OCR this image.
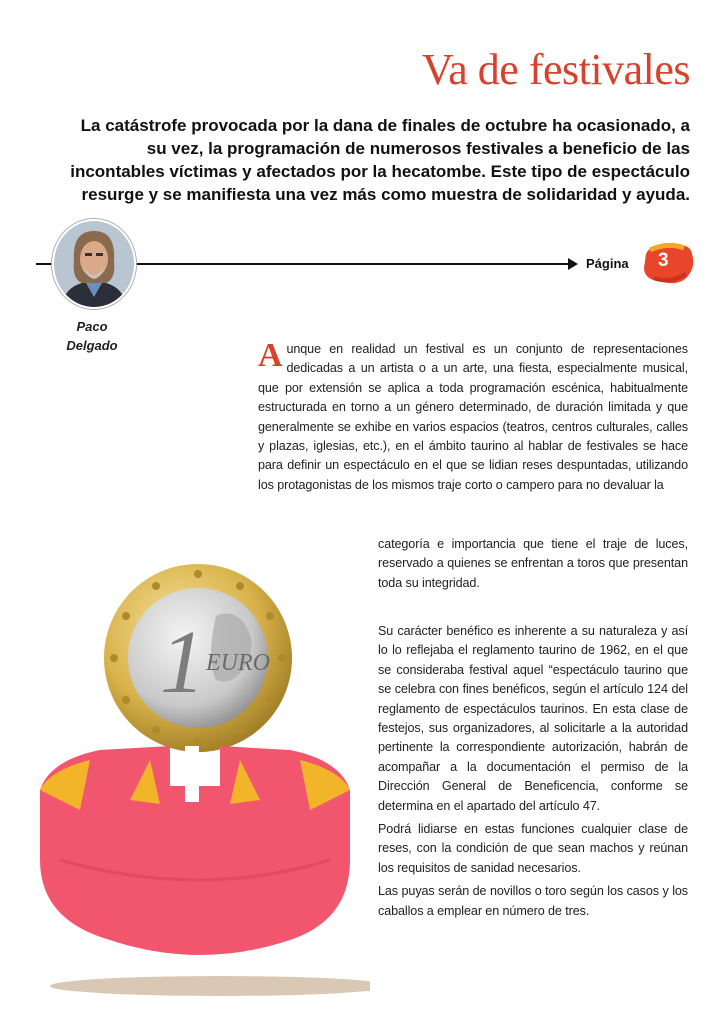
Va de festivales

La catástrofe provocada por la dana de finales de octubre ha ocasionado, a su vez, la programación de numerosos festivales a beneficio de las incontables víctimas y afectados por la hecatombe. Este tipo de espectáculo resurge y se manifiesta una vez más como muestra de solidaridad y ayuda.

Página 3
Paco
Delgado	Aunque en realidad un festival es un conjunto de representaciones dedicadas a un artista o a un arte, una fiesta, especialmente musical, que por extensión se aplica a toda programación escénica, habitualmente estructurada en torno a un género determinado, de duración limitada y que generalmente se exhibe en varios espacios (teatros, centros culturales, calles y plazas, iglesias, etc.), en el ámbito taurino al hablar de festivales se hace para definir un espectáculo en el que se lidian reses despuntadas, utilizando los protagonistas de los mismos traje corto o campero para no devaluar la
categoría e importancia que tiene el traje de luces, reservado a quienes se enfrentan a toros que presentan toda su integridad.

Su carácter benéfico es inherente a su naturaleza y así lo lo reflejaba el reglamento taurino de 1962, en el que se consideraba festival aquel “espectáculo taurino que se celebra con fines benéficos, según el artículo 124 del reglamento de espectáculos taurinos. En esta clase de festejos, sus organizadores, al solicitarle a la autoridad pertinente la correspondiente autorización, habrán de acompañar a la documentación el permiso de la Dirección General de Beneficencia, conforme se determina en el apartado del artículo 47.

Podrá lidiarse en estas funciones cualquier clase de reses, con la condición de que sean machos y reúnan los requisitos de sanidad necesarios.

Las puyas serán de novillos o toro según los casos y los caballos a emplear en número de tres.

1 EURO
